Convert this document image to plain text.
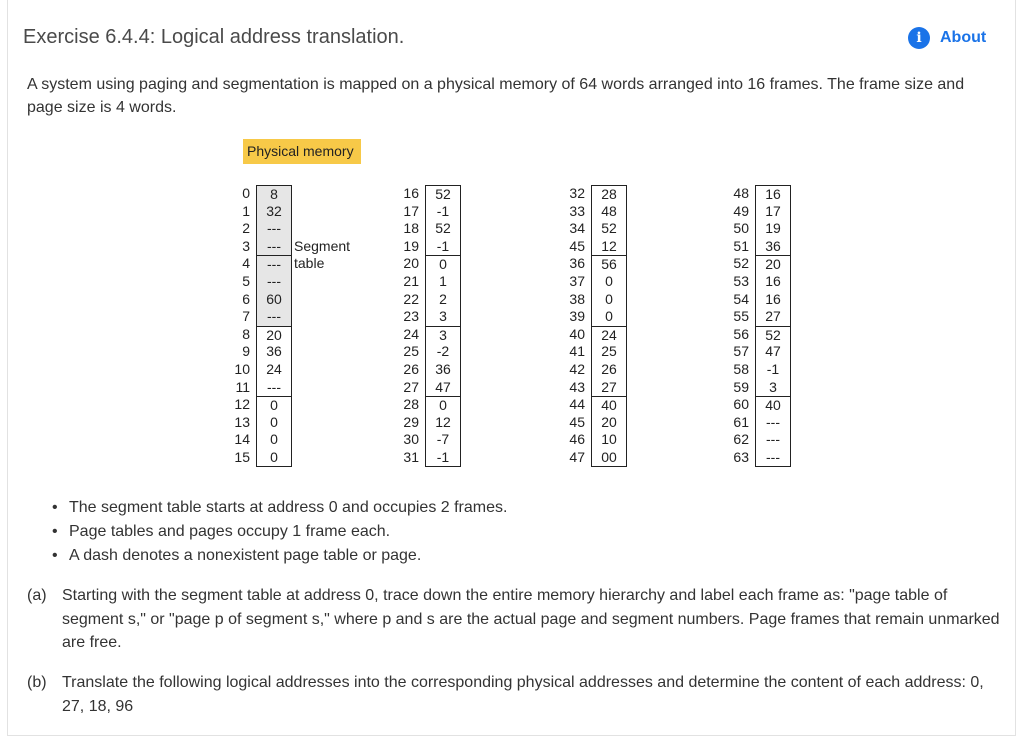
Exercise 6.4.4: Logical address translation.	i	About
A system using paging and segmentation is mapped on a physical memory of 64 words arranged into 16 frames. The frame size and page size is 4 words.
Physical memory
0
1
2
3
4
5
6
7
8
9
10
11
12
13
14
15
8
32
---
---
---
---
60
---
20
36
24
---
0
0
0
0
16
17
18
19
20
21
22
23
24
25
26
27
28
29
30
31
52
-1
52
-1
0
1
2
3
3
-2
36
47
0
12
-7
-1
32
33
34
45
36
37
38
39
40
41
42
43
44
45
46
47
28
48
52
12
56
0
0
0
24
25
26
27
40
20
10
00
48
49
50
51
52
53
54
55
56
57
58
59
60
61
62
63
16
17
19
36
20
16
16
27
52
47
-1
3
40
---
---
---
Segment table
• The segment table starts at address 0 and occupies 2 frames.
• Page tables and pages occupy 1 frame each.
• A dash denotes a nonexistent page table or page.
(a) Starting with the segment table at address 0, trace down the entire memory hierarchy and label each frame as: "page table of segment s," or "page p of segment s," where p and s are the actual page and segment numbers. Page frames that remain unmarked are free.
(b) Translate the following logical addresses into the corresponding physical addresses and determine the content of each address: 0, 27, 18, 96
